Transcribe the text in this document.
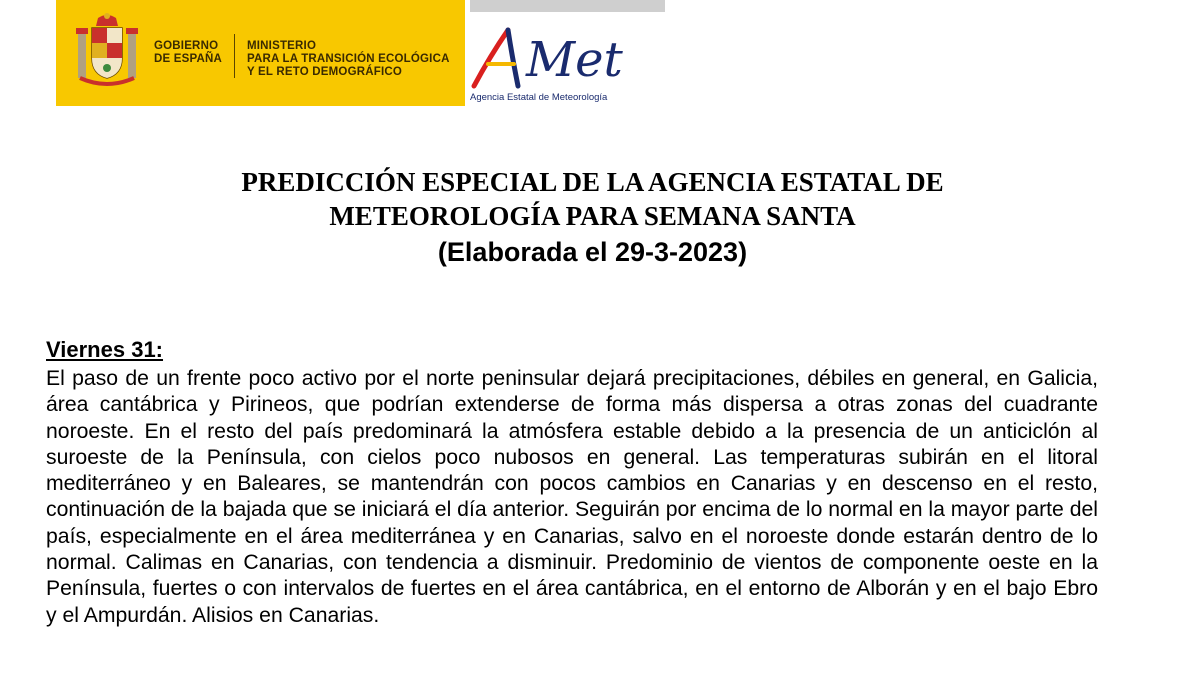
GOBIERNO
DE ESPAÑA
MINISTERIO
PARA LA TRANSICIÓN ECOLÓGICA
Y EL RETO DEMOGRÁFICO	Met
Agencia Estatal de Meteorología
PREDICCIÓN ESPECIAL DE LA AGENCIA ESTATAL DE
METEOROLOGÍA PARA SEMANA SANTA
(Elaborada el 29-3-2023)
Viernes 31:
El paso de un frente poco activo por el norte peninsular dejará precipitaciones, débiles en general, en Galicia, área cantábrica y Pirineos, que podrían extenderse de forma más dispersa a otras zonas del cuadrante noroeste. En el resto del país predominará la atmósfera estable debido a la presencia de un anticiclón al suroeste de la Península, con cielos poco nubosos en general. Las temperaturas subirán en el litoral mediterráneo y en Baleares, se mantendrán con pocos cambios en Canarias y en descenso en el resto, continuación de la bajada que se iniciará el día anterior. Seguirán por encima de lo normal en la mayor parte del país, especialmente en el área mediterránea y en Canarias, salvo en el noroeste donde estarán dentro de lo normal. Calimas en Canarias, con tendencia a disminuir. Predominio de vientos de componente oeste en la Península, fuertes o con intervalos de fuertes en el área cantábrica, en el entorno de Alborán y en el bajo Ebro y el Ampurdán. Alisios en Canarias.
